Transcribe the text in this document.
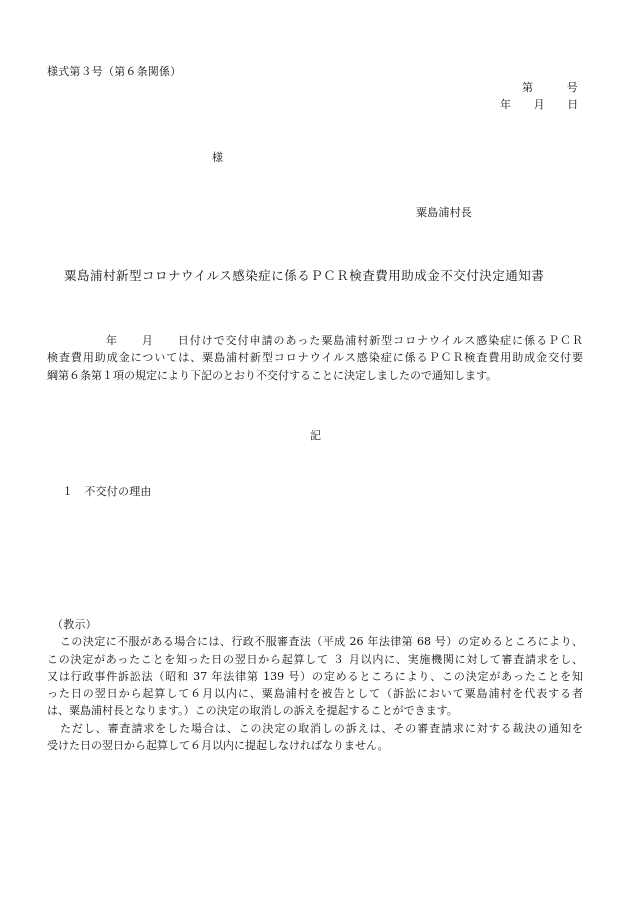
様式第３号（第６条関係）
第　　　号
年　　月　　日
様
粟島浦村長
粟島浦村新型コロナウイルス感染症に係るＰＣＲ検査費用助成金不交付決定通知書
年　　月　　日付けで交付申請のあった粟島浦村新型コロナウイルス感染症に係るＰＣＲ
検査費用助成金については、粟島浦村新型コロナウイルス感染症に係るＰＣＲ検査費用助成金交付要
綱第６条第１項の規定により下記のとおり不交付することに決定しましたので通知します。
記
１　不交付の理由
（教示）
この決定に不服がある場合には、行政不服審査法（平成 26 年法律第 68 号）の定めるところにより、
この決定があったことを知った日の翌日から起算して ３ 月以内に、実施機関に対して審査請求をし、
又は行政事件訴訟法（昭和 37 年法律第 139 号）の定めるところにより、この決定があったことを知
った日の翌日から起算して６月以内に、粟島浦村を被告として（訴訟において粟島浦村を代表する者
は、粟島浦村長となります。）この決定の取消しの訴えを提起することができます。
ただし、審査請求をした場合は、この決定の取消しの訴えは、その審査請求に対する裁決の通知を
受けた日の翌日から起算して６月以内に提起しなければなりません。
